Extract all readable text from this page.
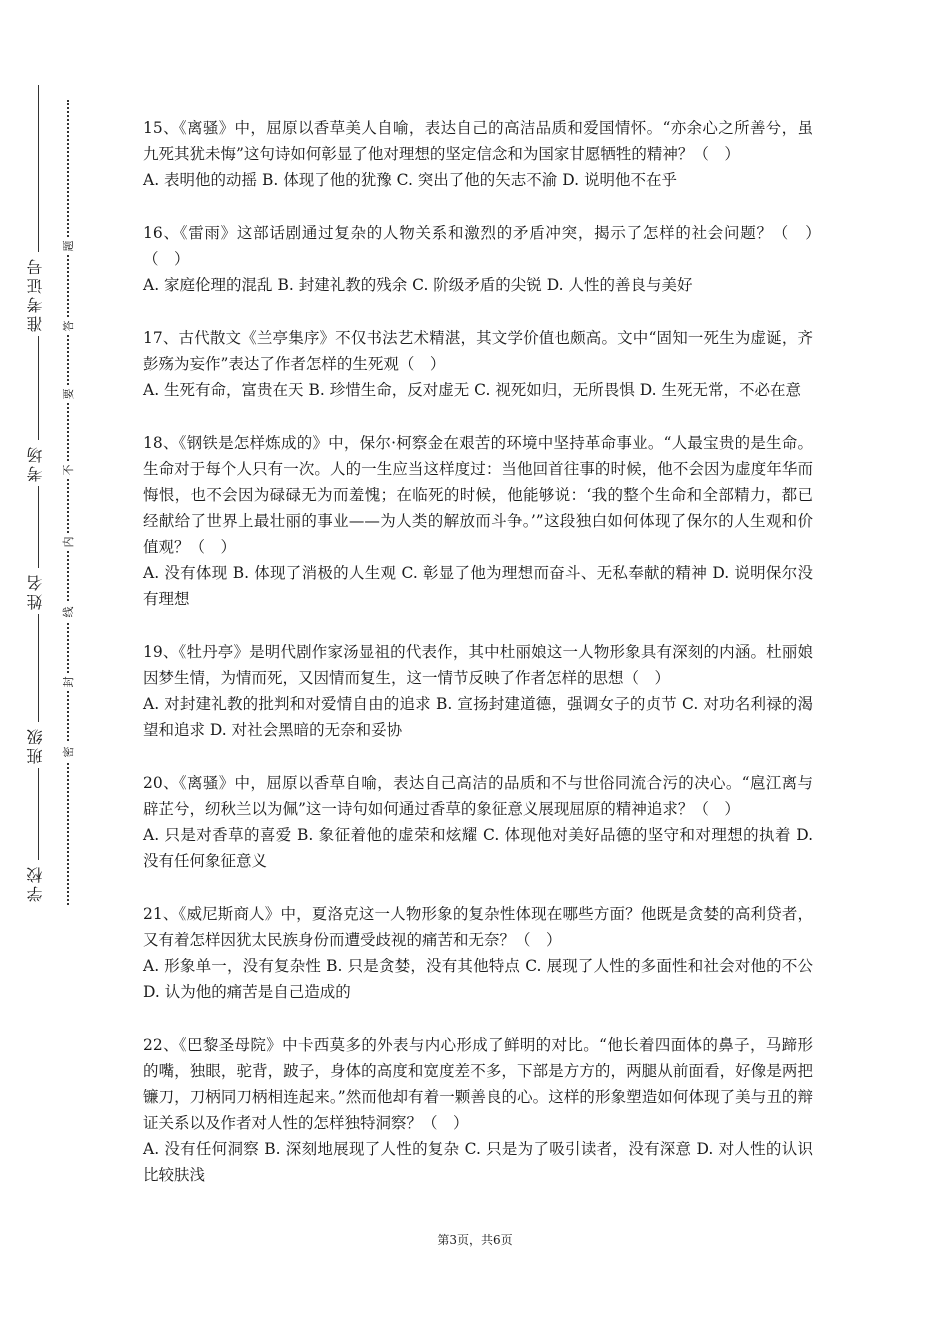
准考证号
考场
姓名
班级
学校
题
答
要
不
内
线
封
密

15、《离骚》中，屈原以香草美人自喻，表达自己的高洁品质和爱国情怀。“亦余心之所善兮，虽九死其犹未悔”这句诗如何彰显了他对理想的坚定信念和为国家甘愿牺牲的精神？（　）

A. 表明他的动摇 B. 体现了他的犹豫 C. 突出了他的矢志不渝 D. 说明他不在乎

16、《雷雨》这部话剧通过复杂的人物关系和激烈的矛盾冲突，揭示了怎样的社会问题？（　）　（　）

A. 家庭伦理的混乱 B. 封建礼教的残余 C. 阶级矛盾的尖锐 D. 人性的善良与美好

17、古代散文《兰亭集序》不仅书法艺术精湛，其文学价值也颇高。文中“固知一死生为虚诞，齐彭殇为妄作”表达了作者怎样的生死观（　）

A. 生死有命，富贵在天 B. 珍惜生命，反对虚无 C. 视死如归，无所畏惧 D. 生死无常，不必在意

18、《钢铁是怎样炼成的》中，保尔·柯察金在艰苦的环境中坚持革命事业。“人最宝贵的是生命。生命对于每个人只有一次。人的一生应当这样度过：当他回首往事的时候，他不会因为虚度年华而悔恨，也不会因为碌碌无为而羞愧；在临死的时候，他能够说：‘我的整个生命和全部精力，都已经献给了世界上最壮丽的事业——为人类的解放而斗争。’”这段独白如何体现了保尔的人生观和价值观？（　）

A. 没有体现 B. 体现了消极的人生观 C. 彰显了他为理想而奋斗、无私奉献的精神 D. 说明保尔没有理想

19、《牡丹亭》是明代剧作家汤显祖的代表作，其中杜丽娘这一人物形象具有深刻的内涵。杜丽娘因梦生情，为情而死，又因情而复生，这一情节反映了作者怎样的思想（　）

A. 对封建礼教的批判和对爱情自由的追求 B. 宣扬封建道德，强调女子的贞节 C. 对功名利禄的渴望和追求 D. 对社会黑暗的无奈和妥协

20、《离骚》中，屈原以香草自喻，表达自己高洁的品质和不与世俗同流合污的决心。“扈江离与辟芷兮，纫秋兰以为佩”这一诗句如何通过香草的象征意义展现屈原的精神追求？（　）

A. 只是对香草的喜爱 B. 象征着他的虚荣和炫耀 C. 体现他对美好品德的坚守和对理想的执着 D. 没有任何象征意义

21、《威尼斯商人》中，夏洛克这一人物形象的复杂性体现在哪些方面？他既是贪婪的高利贷者，又有着怎样因犹太民族身份而遭受歧视的痛苦和无奈？（　）

A. 形象单一，没有复杂性 B. 只是贪婪，没有其他特点 C. 展现了人性的多面性和社会对他的不公 D. 认为他的痛苦是自己造成的

22、《巴黎圣母院》中卡西莫多的外表与内心形成了鲜明的对比。“他长着四面体的鼻子，马蹄形的嘴，独眼，驼背，跛子，身体的高度和宽度差不多，下部是方方的，两腿从前面看，好像是两把镰刀，刀柄同刀柄相连起来。”然而他却有着一颗善良的心。这样的形象塑造如何体现了美与丑的辩证关系以及作者对人性的怎样独特洞察？（　）

A. 没有任何洞察 B. 深刻地展现了人性的复杂 C. 只是为了吸引读者，没有深意 D. 对人性的认识比较肤浅

第3页，共6页
